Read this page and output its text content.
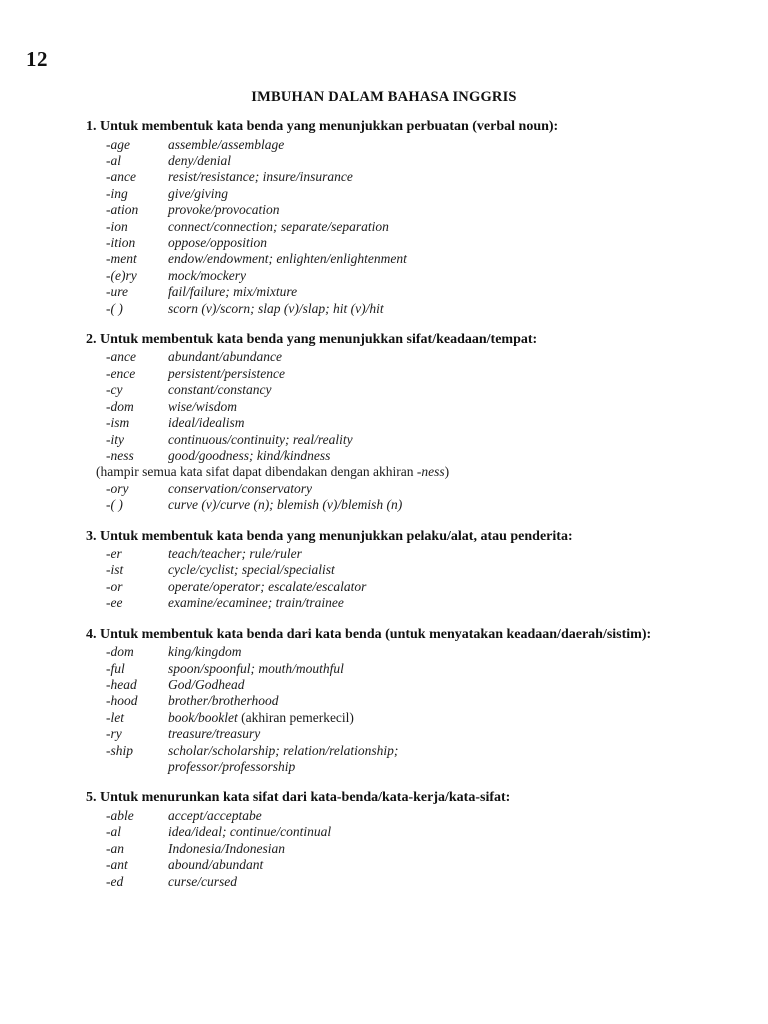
12
IMBUHAN DALAM BAHASA INGGRIS
1. Untuk membentuk kata benda yang menunjukkan perbuatan (verbal noun):
-age	assemble/assemblage
-al	deny/denial
-ance	resist/resistance; insure/insurance
-ing	give/giving
-ation	provoke/provocation
-ion	connect/connection; separate/separation
-ition	oppose/opposition
-ment	endow/endowment; enlighten/enlightenment
-(e)ry	mock/mockery
-ure	fail/failure; mix/mixture
-( )	scorn (v)/scorn; slap (v)/slap; hit (v)/hit
2. Untuk membentuk kata benda yang menunjukkan sifat/keadaan/tempat:
-ance	abundant/abundance
-ence	persistent/persistence
-cy	constant/constancy
-dom	wise/wisdom
-ism	ideal/idealism
-ity	continuous/continuity; real/reality
-ness	good/goodness; kind/kindness
(hampir semua kata sifat dapat dibendakan dengan akhiran -ness)
-ory	conservation/conservatory
-( )	curve (v)/curve (n); blemish (v)/blemish (n)
3. Untuk membentuk kata benda yang menunjukkan pelaku/alat, atau penderita:
-er	teach/teacher; rule/ruler
-ist	cycle/cyclist; special/specialist
-or	operate/operator; escalate/escalator
-ee	examine/ecaminee; train/trainee
4. Untuk membentuk kata benda dari kata benda (untuk menyatakan keadaan/daerah/sistim):
-dom	king/kingdom
-ful	spoon/spoonful; mouth/mouthful
-head	God/Godhead
-hood	brother/brotherhood
-let	book/booklet (akhiran pemerkecil)
-ry	treasure/treasury
-ship	scholar/scholarship; relation/relationship;
professor/professorship
5. Untuk menurunkan kata sifat dari kata-benda/kata-kerja/kata-sifat:
-able	accept/acceptabe
-al	idea/ideal; continue/continual
-an	Indonesia/Indonesian
-ant	abound/abundant
-ed	curse/cursed
